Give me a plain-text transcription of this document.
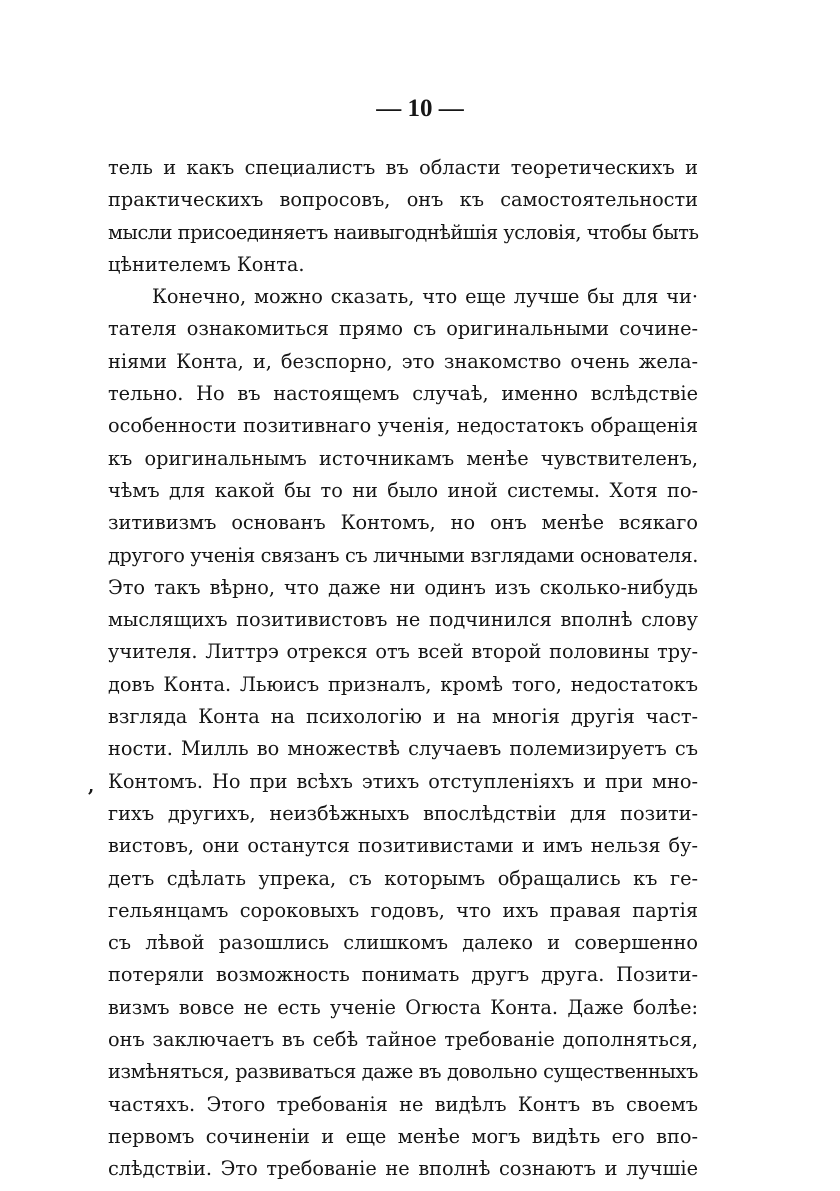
— 10 —
,
тель и какъ специалистъ въ области теоретическихъ и
практическихъ вопросовъ, онъ къ самостоятельности
мысли присоединяетъ наивыгоднѣйшія условія, чтобы быть
цѣнителемъ Конта.
Конечно, можно сказать, что еще лучше бы для чи·
тателя ознакомиться прямо съ оригинальными сочине-
ніями Конта, и, безспорно, это знакомство очень жела-
тельно. Но въ настоящемъ случаѣ, именно вслѣдствіе
особенности позитивнаго ученія, недостатокъ обращенія
къ оригинальнымъ источникамъ менѣе чувствителенъ,
чѣмъ для какой бы то ни было иной системы. Хотя по-
зитивизмъ основанъ Контомъ, но онъ менѣе всякаго
другого ученія связанъ съ личными взглядами основателя.
Это такъ вѣрно, что даже ни одинъ изъ сколько-нибудь
мыслящихъ позитивистовъ не подчинился вполнѣ слову
учителя. Литтрэ отрекся отъ всей второй половины тру-
довъ Конта. Льюисъ призналъ, кромѣ того, недостатокъ
взгляда Конта на психологію и на многія другія част-
ности. Милль во множествѣ случаевъ полемизируетъ съ
Контомъ. Но при всѣхъ этихъ отступленіяхъ и при мно-
гихъ другихъ, неизбѣжныхъ впослѣдствіи для позити-
вистовъ, они останутся позитивистами и имъ нельзя бу-
детъ сдѣлать упрека, съ которымъ обращались къ ге-
гельянцамъ сороковыхъ годовъ, что ихъ правая партія
съ лѣвой разошлись слишкомъ далеко и совершенно
потеряли возможность понимать другъ друга. Позити-
визмъ вовсе не есть ученіе Огюста Конта. Даже болѣе:
онъ заключаетъ въ себѣ тайное требованіе дополняться,
измѣняться, развиваться даже въ довольно существенныхъ
частяхъ. Этого требованія не видѣлъ Контъ въ своемъ
первомъ сочиненіи и еще менѣе могъ видѣть его впо-
слѣдствіи. Это требованіе не вполнѣ сознаютъ и лучшіе
